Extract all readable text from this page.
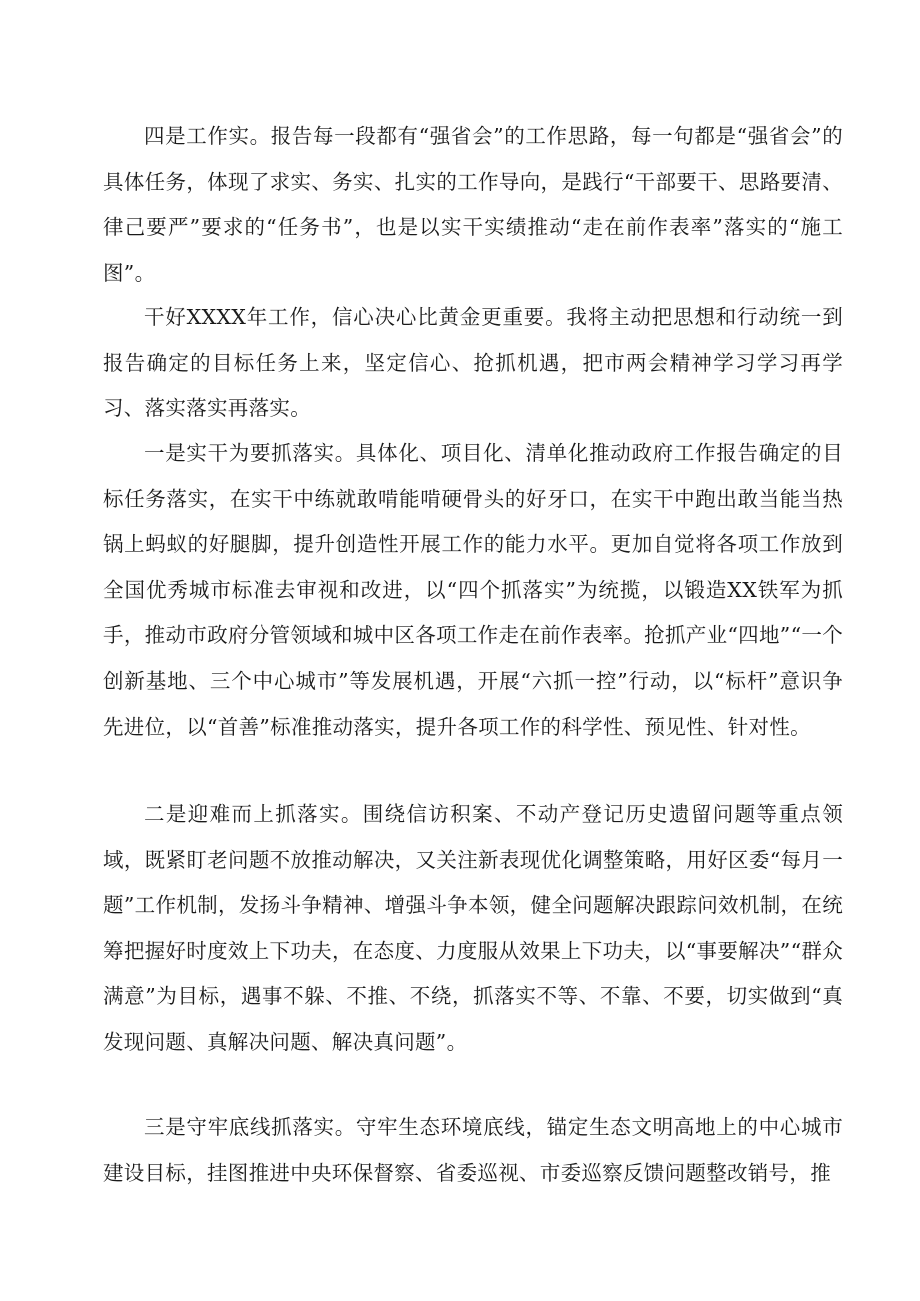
四是工作实。报告每一段都有“强省会”的工作思路，每一句都是“强省会”的具体任务，体现了求实、务实、扎实的工作导向，是践行“干部要干、思路要清、律己要严”要求的“任务书”，也是以实干实绩推动“走在前作表率”落实的“施工图”。

干好XXXX年工作，信心决心比黄金更重要。我将主动把思想和行动统一到报告确定的目标任务上来，坚定信心、抢抓机遇，把市两会精神学习学习再学习、落实落实再落实。

一是实干为要抓落实。具体化、项目化、清单化推动政府工作报告确定的目标任务落实，在实干中练就敢啃能啃硬骨头的好牙口，在实干中跑出敢当能当热锅上蚂蚁的好腿脚，提升创造性开展工作的能力水平。更加自觉将各项工作放到全国优秀城市标准去审视和改进，以“四个抓落实”为统揽，以锻造XX铁军为抓手，推动市政府分管领域和城中区各项工作走在前作表率。抢抓产业“四地”“一个创新基地、三个中心城市”等发展机遇，开展“六抓一控”行动，以“标杆”意识争先进位，以“首善”标准推动落实，提升各项工作的科学性、预见性、针对性。

二是迎难而上抓落实。围绕信访积案、不动产登记历史遗留问题等重点领域，既紧盯老问题不放推动解决，又关注新表现优化调整策略，用好区委“每月一题”工作机制，发扬斗争精神、增强斗争本领，健全问题解决跟踪问效机制，在统筹把握好时度效上下功夫，在态度、力度服从效果上下功夫，以“事要解决”“群众满意”为目标，遇事不躲、不推、不绕，抓落实不等、不靠、不要，切实做到“真发现问题、真解决问题、解决真问题”。

三是守牢底线抓落实。守牢生态环境底线，锚定生态文明高地上的中心城市建设目标，挂图推进中央环保督察、省委巡视、市委巡察反馈问题整改销号，推
